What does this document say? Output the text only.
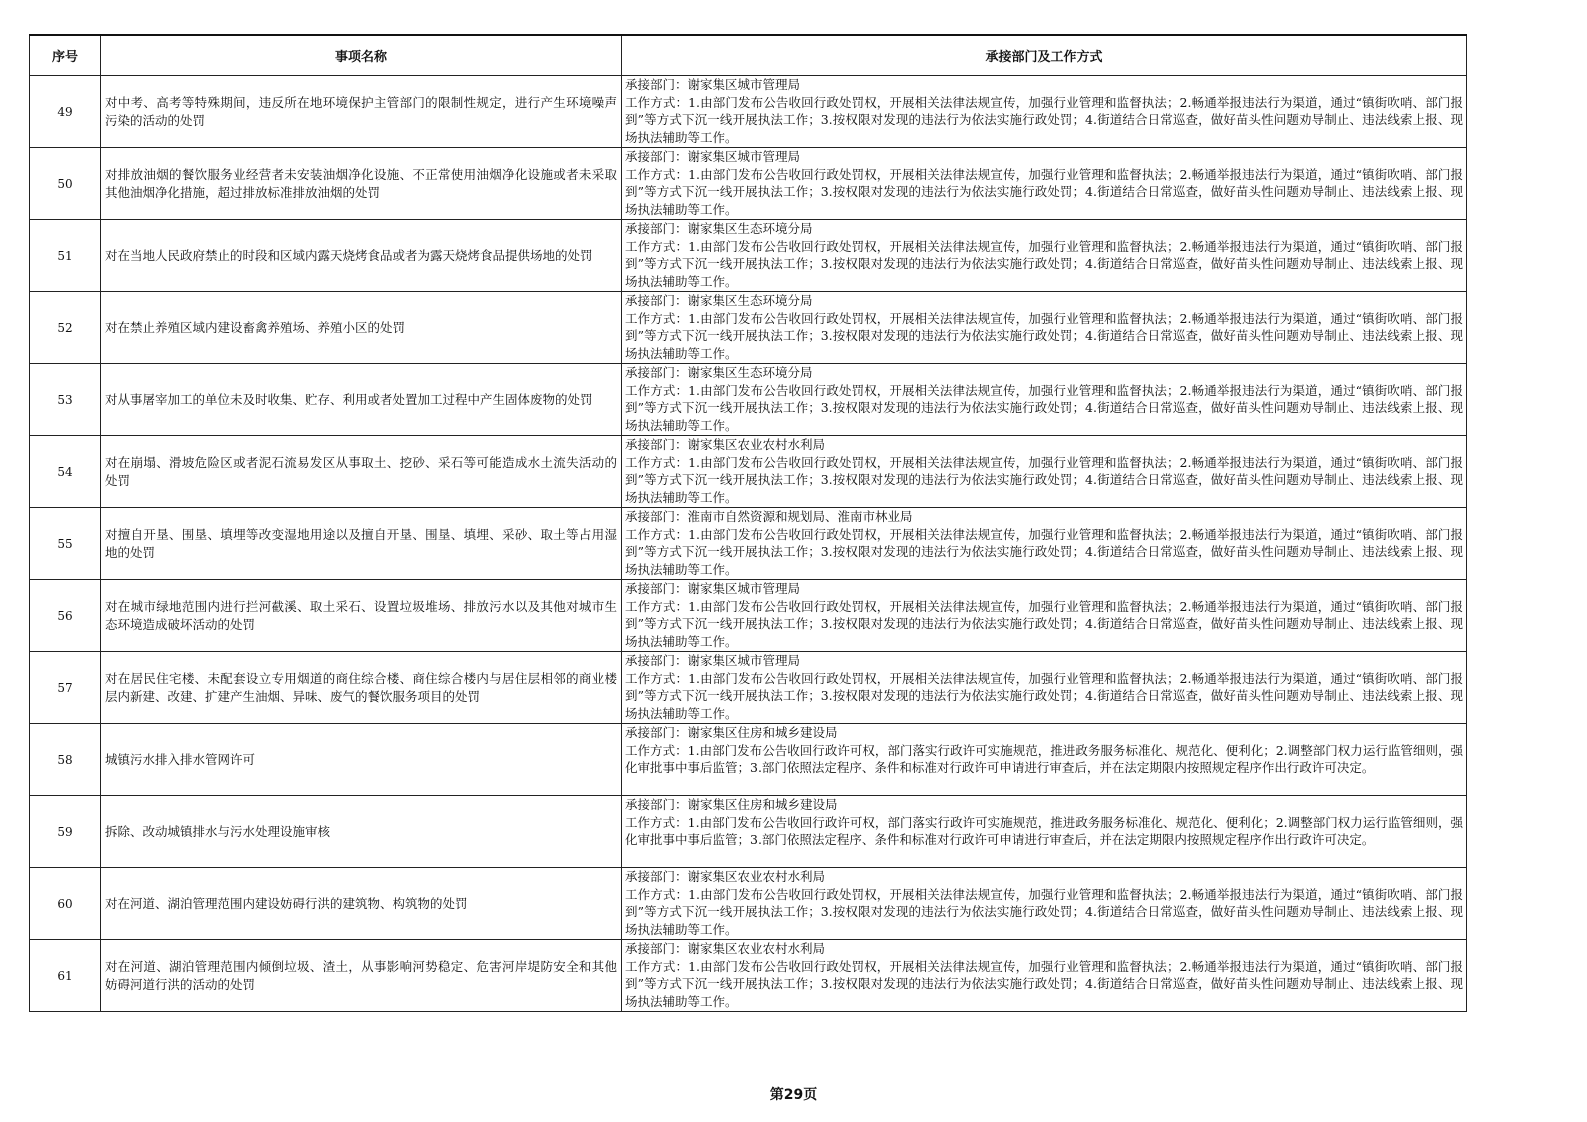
序号	事项名称	承接部门及工作方式
49	对中考、高考等特殊期间，违反所在地环境保护主管部门的限制性规定，进行产生环境噪声污染的活动的处罚	承接部门：谢家集区城市管理局
工作方式：1.由部门发布公告收回行政处罚权，开展相关法律法规宣传，加强行业管理和监督执法；2.畅通举报违法行为渠道，通过“镇街吹哨、部门报到”等方式下沉一线开展执法工作；3.按权限对发现的违法行为依法实施行政处罚；4.街道结合日常巡查，做好苗头性问题劝导制止、违法线索上报、现场执法辅助等工作。

50	对排放油烟的餐饮服务业经营者未安装油烟净化设施、不正常使用油烟净化设施或者未采取其他油烟净化措施，超过排放标准排放油烟的处罚	承接部门：谢家集区城市管理局
工作方式：1.由部门发布公告收回行政处罚权，开展相关法律法规宣传，加强行业管理和监督执法；2.畅通举报违法行为渠道，通过“镇街吹哨、部门报到”等方式下沉一线开展执法工作；3.按权限对发现的违法行为依法实施行政处罚；4.街道结合日常巡查，做好苗头性问题劝导制止、违法线索上报、现场执法辅助等工作。

51	对在当地人民政府禁止的时段和区域内露天烧烤食品或者为露天烧烤食品提供场地的处罚	承接部门：谢家集区生态环境分局
工作方式：1.由部门发布公告收回行政处罚权，开展相关法律法规宣传，加强行业管理和监督执法；2.畅通举报违法行为渠道，通过“镇街吹哨、部门报到”等方式下沉一线开展执法工作；3.按权限对发现的违法行为依法实施行政处罚；4.街道结合日常巡查，做好苗头性问题劝导制止、违法线索上报、现场执法辅助等工作。

52	对在禁止养殖区域内建设畜禽养殖场、养殖小区的处罚	承接部门：谢家集区生态环境分局
工作方式：1.由部门发布公告收回行政处罚权，开展相关法律法规宣传，加强行业管理和监督执法；2.畅通举报违法行为渠道，通过“镇街吹哨、部门报到”等方式下沉一线开展执法工作；3.按权限对发现的违法行为依法实施行政处罚；4.街道结合日常巡查，做好苗头性问题劝导制止、违法线索上报、现场执法辅助等工作。

53	对从事屠宰加工的单位未及时收集、贮存、利用或者处置加工过程中产生固体废物的处罚	承接部门：谢家集区生态环境分局
工作方式：1.由部门发布公告收回行政处罚权，开展相关法律法规宣传，加强行业管理和监督执法；2.畅通举报违法行为渠道，通过“镇街吹哨、部门报到”等方式下沉一线开展执法工作；3.按权限对发现的违法行为依法实施行政处罚；4.街道结合日常巡查，做好苗头性问题劝导制止、违法线索上报、现场执法辅助等工作。

54	对在崩塌、滑坡危险区或者泥石流易发区从事取土、挖砂、采石等可能造成水土流失活动的处罚	承接部门：谢家集区农业农村水利局
工作方式：1.由部门发布公告收回行政处罚权，开展相关法律法规宣传，加强行业管理和监督执法；2.畅通举报违法行为渠道，通过“镇街吹哨、部门报到”等方式下沉一线开展执法工作；3.按权限对发现的违法行为依法实施行政处罚；4.街道结合日常巡查，做好苗头性问题劝导制止、违法线索上报、现场执法辅助等工作。

55	对擅自开垦、围垦、填埋等改变湿地用途以及擅自开垦、围垦、填埋、采砂、取土等占用湿地的处罚	承接部门：淮南市自然资源和规划局、淮南市林业局
工作方式：1.由部门发布公告收回行政处罚权，开展相关法律法规宣传，加强行业管理和监督执法；2.畅通举报违法行为渠道，通过“镇街吹哨、部门报到”等方式下沉一线开展执法工作；3.按权限对发现的违法行为依法实施行政处罚；4.街道结合日常巡查，做好苗头性问题劝导制止、违法线索上报、现场执法辅助等工作。

56	对在城市绿地范围内进行拦河截溪、取土采石、设置垃圾堆场、排放污水以及其他对城市生态环境造成破坏活动的处罚	承接部门：谢家集区城市管理局
工作方式：1.由部门发布公告收回行政处罚权，开展相关法律法规宣传，加强行业管理和监督执法；2.畅通举报违法行为渠道，通过“镇街吹哨、部门报到”等方式下沉一线开展执法工作；3.按权限对发现的违法行为依法实施行政处罚；4.街道结合日常巡查，做好苗头性问题劝导制止、违法线索上报、现场执法辅助等工作。

57	对在居民住宅楼、未配套设立专用烟道的商住综合楼、商住综合楼内与居住层相邻的商业楼层内新建、改建、扩建产生油烟、异味、废气的餐饮服务项目的处罚	承接部门：谢家集区城市管理局
工作方式：1.由部门发布公告收回行政处罚权，开展相关法律法规宣传，加强行业管理和监督执法；2.畅通举报违法行为渠道，通过“镇街吹哨、部门报到”等方式下沉一线开展执法工作；3.按权限对发现的违法行为依法实施行政处罚；4.街道结合日常巡查，做好苗头性问题劝导制止、违法线索上报、现场执法辅助等工作。

58	城镇污水排入排水管网许可	承接部门：谢家集区住房和城乡建设局
工作方式：1.由部门发布公告收回行政许可权，部门落实行政许可实施规范，推进政务服务标准化、规范化、便利化；2.调整部门权力运行监管细则，强化审批事中事后监管；3.部门依照法定程序、条件和标准对行政许可申请进行审查后，并在法定期限内按照规定程序作出行政许可决定。

59	拆除、改动城镇排水与污水处理设施审核	承接部门：谢家集区住房和城乡建设局
工作方式：1.由部门发布公告收回行政许可权，部门落实行政许可实施规范，推进政务服务标准化、规范化、便利化；2.调整部门权力运行监管细则，强化审批事中事后监管；3.部门依照法定程序、条件和标准对行政许可申请进行审查后，并在法定期限内按照规定程序作出行政许可决定。

60	对在河道、湖泊管理范围内建设妨碍行洪的建筑物、构筑物的处罚	承接部门：谢家集区农业农村水利局
工作方式：1.由部门发布公告收回行政处罚权，开展相关法律法规宣传，加强行业管理和监督执法；2.畅通举报违法行为渠道，通过“镇街吹哨、部门报到”等方式下沉一线开展执法工作；3.按权限对发现的违法行为依法实施行政处罚；4.街道结合日常巡查，做好苗头性问题劝导制止、违法线索上报、现场执法辅助等工作。

61	对在河道、湖泊管理范围内倾倒垃圾、渣土，从事影响河势稳定、危害河岸堤防安全和其他妨碍河道行洪的活动的处罚	承接部门：谢家集区农业农村水利局
工作方式：1.由部门发布公告收回行政处罚权，开展相关法律法规宣传，加强行业管理和监督执法；2.畅通举报违法行为渠道，通过“镇街吹哨、部门报到”等方式下沉一线开展执法工作；3.按权限对发现的违法行为依法实施行政处罚；4.街道结合日常巡查，做好苗头性问题劝导制止、违法线索上报、现场执法辅助等工作。
第29页
